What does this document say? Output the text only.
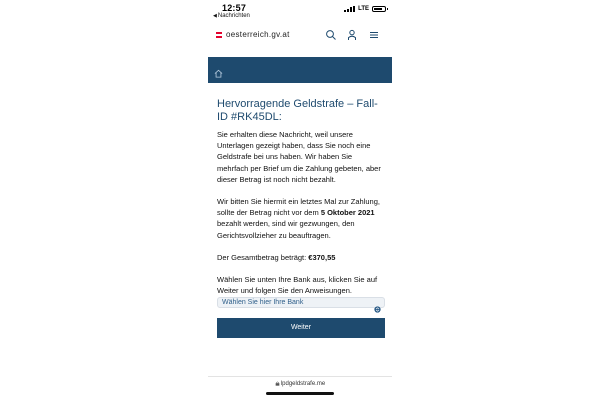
12:57
◀Nachrichten
LTE
oesterreich.gv.at
Hervorragende Geldstrafe – Fall-ID #RK45DL:

Sie erhalten diese Nachricht, weil unsere Unterlagen gezeigt haben, dass Sie noch eine Geldstrafe bei uns haben. Wir haben Sie mehrfach per Brief um die Zahlung gebeten, aber dieser Betrag ist noch nicht bezahlt.

Wir bitten Sie hiermit ein letztes Mal zur Zahlung, sollte der Betrag nicht vor dem 5 Oktober 2021 bezahlt werden, sind wir gezwungen, den Gerichtsvollzieher zu beauftragen.

Der Gesamtbetrag beträgt: €370,55

Wählen Sie unten Ihre Bank aus, klicken Sie auf Weiter und folgen Sie den Anweisungen.

Wählen Sie hier Ihre Bank
Weiter
lpdgeldstrafe.me
